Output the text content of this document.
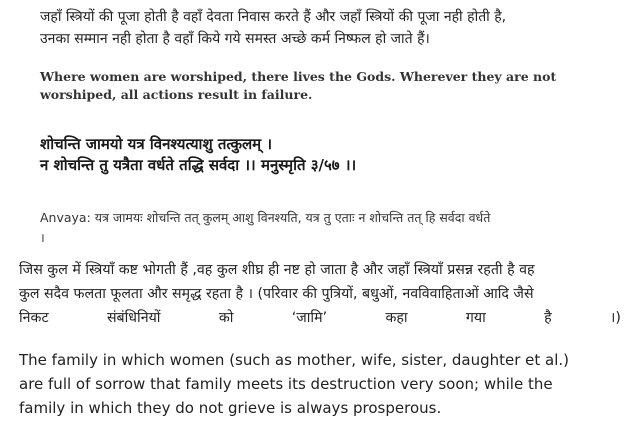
जहाँ स्त्रियों की पूजा होती है वहाँ देवता निवास करते हैं और जहाँ स्त्रियों की पूजा नही होती है,
उनका सम्मान नही होता है वहाँ किये गये समस्त अच्छे कर्म निष्फल हो जाते हैं।
Where women are worshiped, there lives the Gods. Wherever they are not
worshiped, all actions result in failure.
शोचन्ति जामयो यत्र विनश्यत्याशु तत्कुलम् ।
न शोचन्ति तु यत्रैता वर्धते तद्धि सर्वदा ।। मनुस्मृति ३/५७ ।।
Anvaya: यत्र जामयः शोचन्ति तत् कुलम् आशु विनश्यति, यत्र तु एताः न शोचन्ति तत् हि सर्वदा वर्धते
।
जिस कुल में स्त्रियाँ कष्ट भोगती हैं ,वह कुल शीघ्र ही नष्ट हो जाता है और जहाँ स्त्रियाँ प्रसन्न रहती है वह
कुल सदैव फलता फूलता और समृद्ध रहता है । (परिवार की पुत्रियों, बधुओं, नवविवाहिताओं आदि जैसे
निकट	संबंधिनियों	को	‘जामि’	कहा	गया	है	।)
The family in which women (such as mother, wife, sister, daughter et al.)
are full of sorrow that family meets its destruction very soon; while the
family in which they do not grieve is always prosperous.
